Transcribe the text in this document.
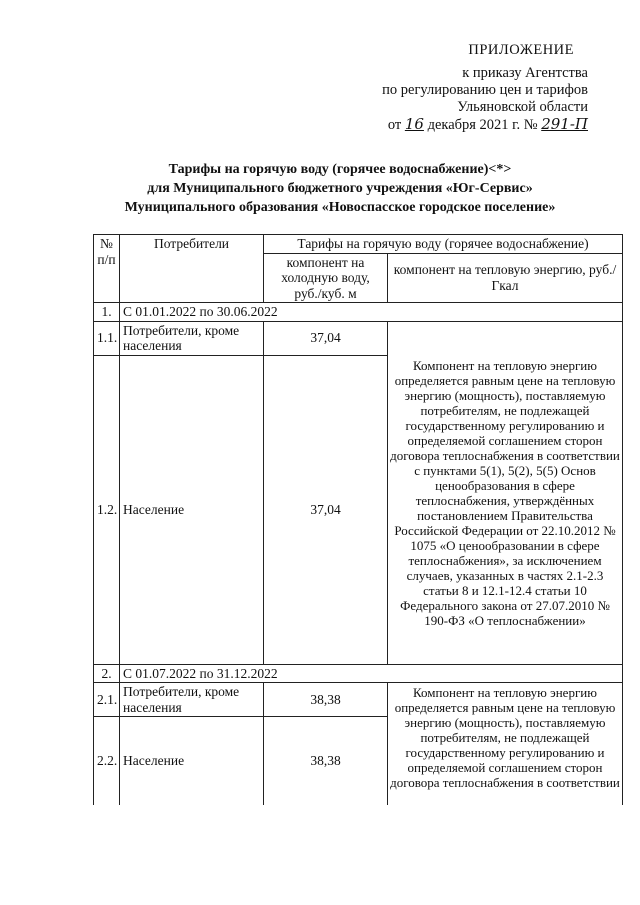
ПРИЛОЖЕНИЕ
к приказу Агентства
по регулированию цен и тарифов
Ульяновской области
от 16 декабря 2021 г. № 291-П
Тарифы на горячую воду (горячее водоснабжение)<*>
для Муниципального бюджетного учреждения «Юг-Сервис»
Муниципального образования «Новоспасское городское поселение»
№ п/п	Потребители	Тарифы на горячую воду (горячее водоснабжение)	
		компонент на холодную воду, руб./куб. м	компонент на тепловую энергию, руб./Гкал
1.	С 01.01.2022 по 30.06.2022		
1.1.	Потребители, кроме населения	37,04	Компонент на тепловую энергию определяется равным цене на тепловую энергию (мощность), поставляемую потребителям, не подлежащей государственному регулированию и определяемой соглашением сторон договора теплоснабжения в соответствии с пунктами 5(1), 5(2), 5(5) Основ ценообразования в сфере теплоснабжения, утверждённых постановлением Правительства Российской Федерации от 22.10.2012 № 1075 «О ценообразовании в сфере теплоснабжения», за исключением случаев, указанных в частях 2.1-2.3 статьи 8 и 12.1-12.4 статьи 10 Федерального закона от 27.07.2010 № 190-ФЗ «О теплоснабжении»
1.2.	Население	37,04	
2.	С 01.07.2022 по 31.12.2022		
2.1.	Потребители, кроме населения	38,38	Компонент на тепловую энергию определяется равным цене на тепловую энергию (мощность), поставляемую потребителям, не подлежащей государственному регулированию и определяемой соглашением сторон договора теплоснабжения в соответствии
2.2.	Население	38,38	
